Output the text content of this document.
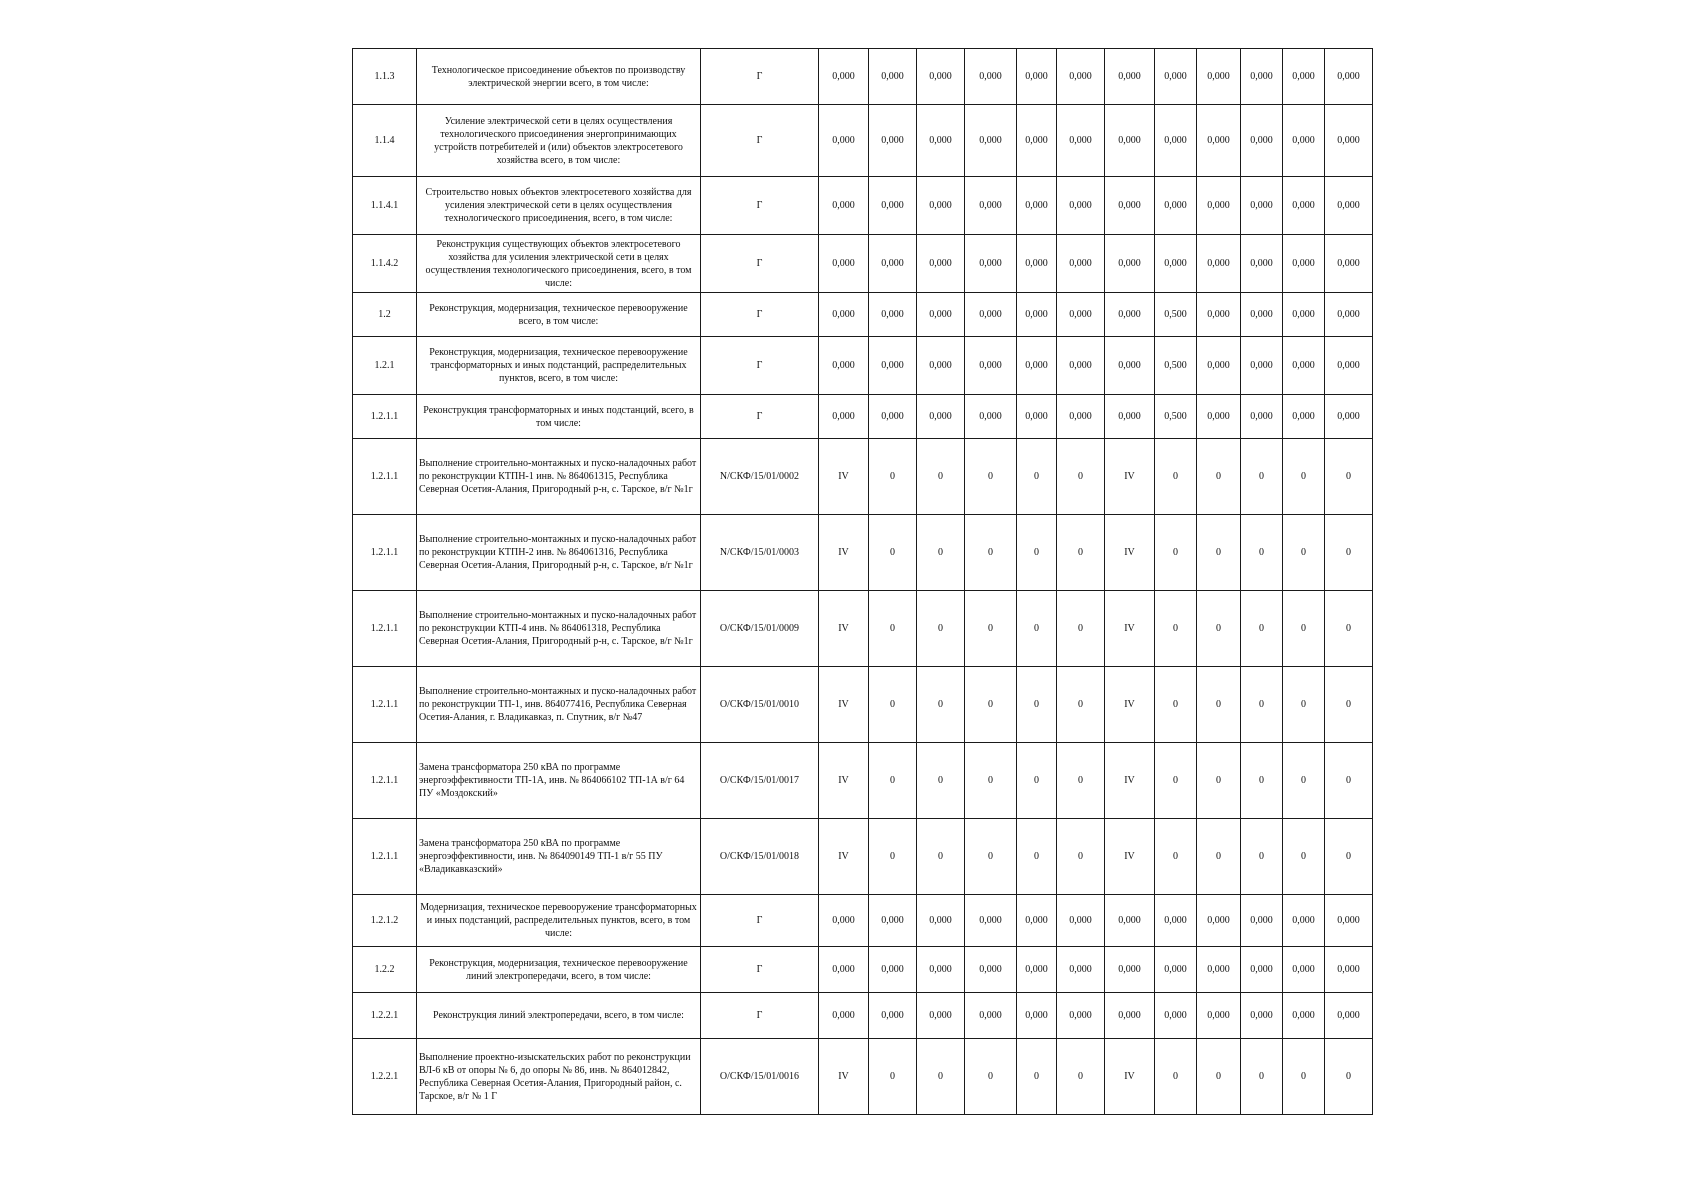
1.1.3	Технологическое присоединение объектов по производству электрической энергии всего, в том числе:	Г	0,000	0,000	0,000	0,000	0,000	0,000	0,000	0,000	0,000	0,000	0,000	0,000
1.1.4	Усиление электрической сети в целях осуществления технологического присоединения энергопринимающих устройств потребителей и (или) объектов электросетевого хозяйства всего, в том числе:	Г	0,000	0,000	0,000	0,000	0,000	0,000	0,000	0,000	0,000	0,000	0,000	0,000
1.1.4.1	Строительство новых объектов электросетевого хозяйства для усиления электрической сети в целях осуществления технологического присоединения, всего, в том числе:	Г	0,000	0,000	0,000	0,000	0,000	0,000	0,000	0,000	0,000	0,000	0,000	0,000
1.1.4.2	Реконструкция существующих объектов электросетевого хозяйства для усиления электрической сети в целях осуществления технологического присоединения, всего, в том числе:	Г	0,000	0,000	0,000	0,000	0,000	0,000	0,000	0,000	0,000	0,000	0,000	0,000
1.2	Реконструкция, модернизация, техническое перевооружение всего, в том числе:	Г	0,000	0,000	0,000	0,000	0,000	0,000	0,000	0,500	0,000	0,000	0,000	0,000
1.2.1	Реконструкция, модернизация, техническое перевооружение трансформаторных и иных подстанций, распределительных пунктов, всего, в том числе:	Г	0,000	0,000	0,000	0,000	0,000	0,000	0,000	0,500	0,000	0,000	0,000	0,000
1.2.1.1	Реконструкция трансформаторных и иных подстанций, всего, в том числе:	Г	0,000	0,000	0,000	0,000	0,000	0,000	0,000	0,500	0,000	0,000	0,000	0,000
1.2.1.1	Выполнение строительно-монтажных и пуско-наладочных работ по реконструкции КТПН-1 инв. № 864061315, Республика Северная Осетия-Алания, Пригородный р-н, с. Тарское, в/г №1г	N/СКФ/15/01/0002	IV	0	0	0	0	0	IV	0	0	0	0	0
1.2.1.1	Выполнение строительно-монтажных и пуско-наладочных работ по реконструкции КТПН-2 инв. № 864061316, Республика Северная Осетия-Алания, Пригородный р-н, с. Тарское, в/г №1г	N/СКФ/15/01/0003	IV	0	0	0	0	0	IV	0	0	0	0	0
1.2.1.1	Выполнение строительно-монтажных и пуско-наладочных работ по реконструкции КТП-4 инв. № 864061318, Республика Северная Осетия-Алания, Пригородный р-н, с. Тарское, в/г №1г	О/СКФ/15/01/0009	IV	0	0	0	0	0	IV	0	0	0	0	0
1.2.1.1	Выполнение строительно-монтажных и пуско-наладочных работ по реконструкции ТП-1, инв. 864077416, Республика Северная Осетия-Алания, г. Владикавказ, п. Спутник, в/г №47	О/СКФ/15/01/0010	IV	0	0	0	0	0	IV	0	0	0	0	0
1.2.1.1	Замена трансформатора 250 кВА по программе энергоэффективности ТП-1А, инв. № 864066102 ТП-1А в/г 64 ПУ «Моздокский»	О/СКФ/15/01/0017	IV	0	0	0	0	0	IV	0	0	0	0	0
1.2.1.1	Замена трансформатора 250 кВА по программе энергоэффективности, инв. № 864090149 ТП-1 в/г 55 ПУ «Владикавказский»	О/СКФ/15/01/0018	IV	0	0	0	0	0	IV	0	0	0	0	0
1.2.1.2	Модернизация, техническое перевооружение трансформаторных и иных подстанций, распределительных пунктов, всего, в том числе:	Г	0,000	0,000	0,000	0,000	0,000	0,000	0,000	0,000	0,000	0,000	0,000	0,000
1.2.2	Реконструкция, модернизация, техническое перевооружение линий электропередачи, всего, в том числе:	Г	0,000	0,000	0,000	0,000	0,000	0,000	0,000	0,000	0,000	0,000	0,000	0,000
1.2.2.1	Реконструкция линий электропередачи, всего, в том числе:	Г	0,000	0,000	0,000	0,000	0,000	0,000	0,000	0,000	0,000	0,000	0,000	0,000
1.2.2.1	Выполнение проектно-изыскательских работ по реконструкции ВЛ-6 кВ от опоры № 6, до опоры № 86, инв. № 864012842, Республика Северная Осетия-Алания, Пригородный район, с. Тарское, в/г № 1 Г	О/СКФ/15/01/0016	IV	0	0	0	0	0	IV	0	0	0	0	0
